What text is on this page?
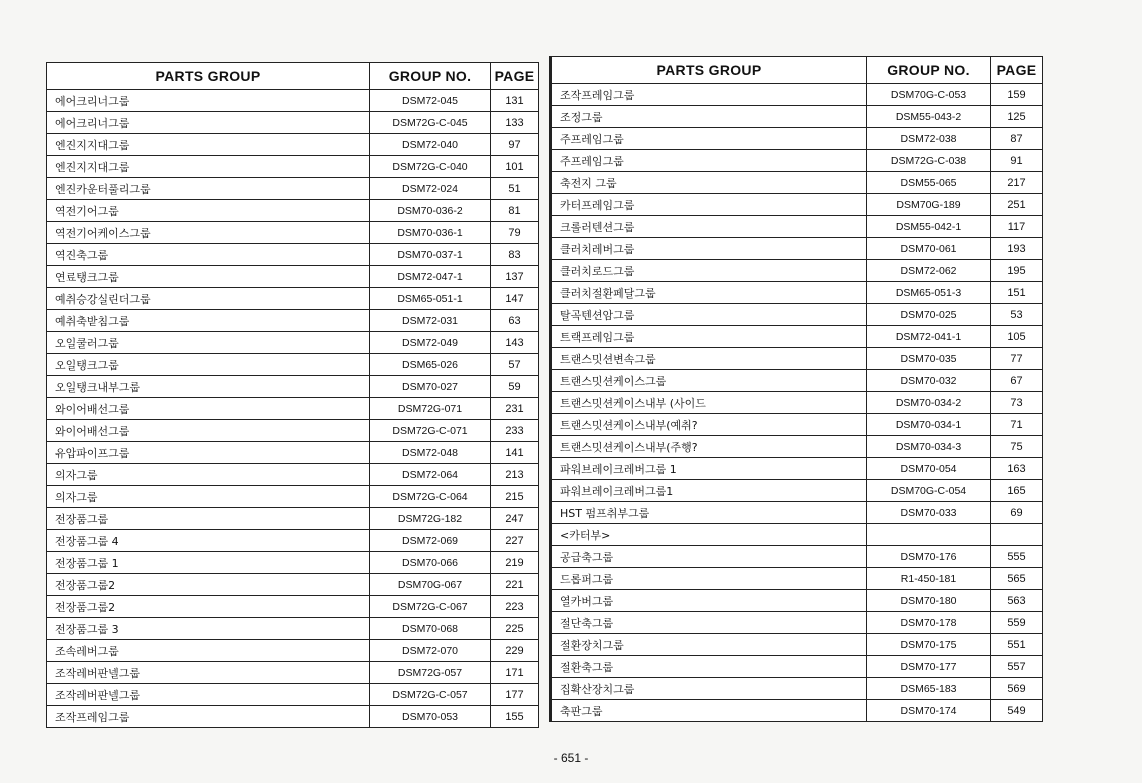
PARTS GROUP	GROUP NO.	PAGE
에어크리너그룹	DSM72-045	131
에어크리너그룹	DSM72G-C-045	133
엔진지지대그룹	DSM72-040	97
엔진지지대그룹	DSM72G-C-040	101
엔진카운터풀리그룹	DSM72-024	51
역전기어그룹	DSM70-036-2	81
역전기어케이스그룹	DSM70-036-1	79
역진축그룹	DSM70-037-1	83
연료탱크그룹	DSM72-047-1	137
예취승강실린더그룹	DSM65-051-1	147
예취축받침그룹	DSM72-031	63
오일쿨러그룹	DSM72-049	143
오일탱크그룹	DSM65-026	57
오일탱크내부그룹	DSM70-027	59
와이어배선그룹	DSM72G-071	231
와이어배선그룹	DSM72G-C-071	233
유압파이프그룹	DSM72-048	141
의자그룹	DSM72-064	213
의자그룹	DSM72G-C-064	215
전장품그룹	DSM72G-182	247
전장품그룹 4	DSM72-069	227
전장품그룹 1	DSM70-066	219
전장품그룹2	DSM70G-067	221
전장품그룹2	DSM72G-C-067	223
전장품그룹 3	DSM70-068	225
조속레버그룹	DSM72-070	229
조작레버판넬그룹	DSM72G-057	171
조작레버판넬그룹	DSM72G-C-057	177
조작프레임그룹	DSM70-053	155
PARTS GROUP	GROUP NO.	PAGE
조작프레임그룹	DSM70G-C-053	159
조정그룹	DSM55-043-2	125
주프레임그룹	DSM72-038	87
주프레임그룹	DSM72G-C-038	91
축전지 그룹	DSM55-065	217
카터프레임그룹	DSM70G-189	251
크롤러텐션그룹	DSM55-042-1	117
클러치레버그룹	DSM70-061	193
클러치로드그룹	DSM72-062	195
클러치절환페달그룹	DSM65-051-3	151
탈곡텐션암그룹	DSM70-025	53
트랙프레임그룹	DSM72-041-1	105
트랜스밋션변속그룹	DSM70-035	77
트랜스밋션케이스그룹	DSM70-032	67
트랜스밋션케이스내부 (사이드	DSM70-034-2	73
트랜스밋션케이스내부(예취?	DSM70-034-1	71
트랜스밋션케이스내부(주행?	DSM70-034-3	75
파워브레이크레버그룹 1	DSM70-054	163
파워브레이크레버그룹1	DSM70G-C-054	165
HST 펌프취부그룹	DSM70-033	69
<카터부>		
공급축그룹	DSM70-176	555
드롭퍼그룹	R1-450-181	565
열카버그룹	DSM70-180	563
절단축그룹	DSM70-178	559
절환장치그룹	DSM70-175	551
절환축그룹	DSM70-177	557
집확산장치그룹	DSM65-183	569
축판그룹	DSM70-174	549
- 651 -
